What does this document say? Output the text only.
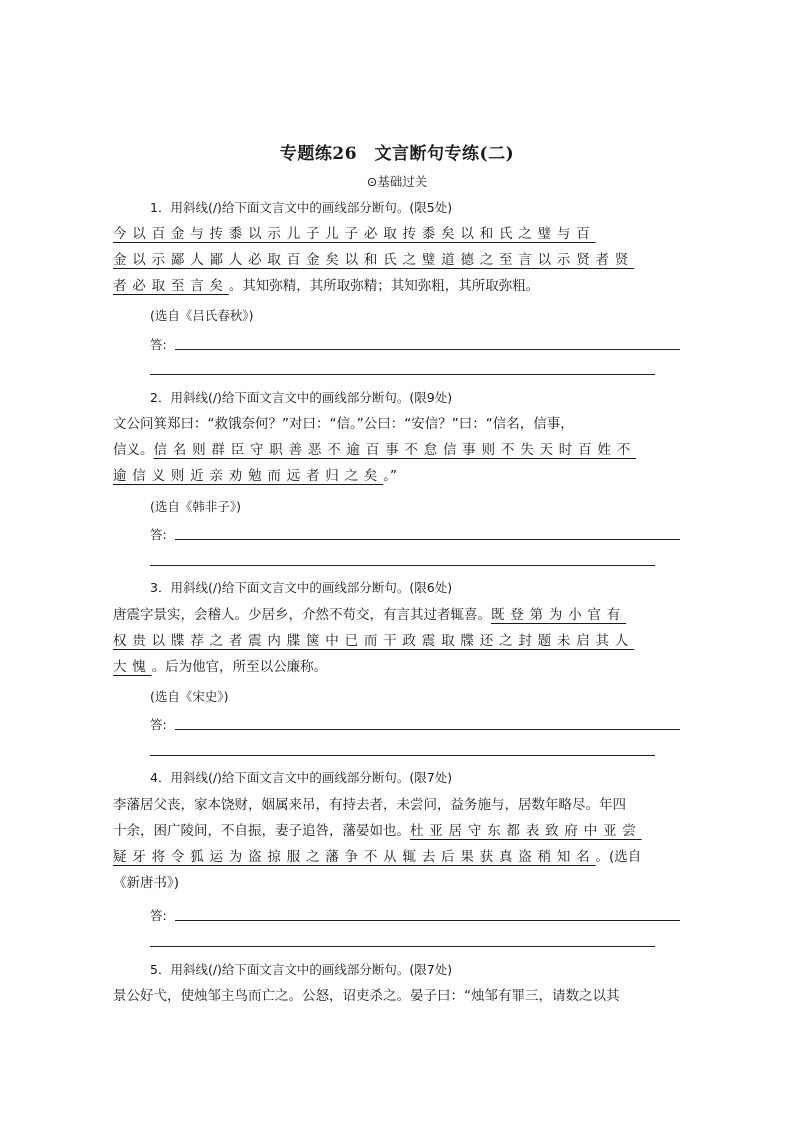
专题练26　文言断句专练(二)
⊙基础过关
1．用斜线(/)给下面文言文中的画线部分断句。(限5处)
今以百金与抟黍以示儿子儿子必取抟黍矣以和氏之璧与百
金以示鄙人鄙人必取百金矣以和氏之璧道德之至言以示贤者贤
者必取至言矣。其知弥精，其所取弥精；其知弥粗，其所取弥粗。
(选自《吕氏春秋》)
答:
2．用斜线(/)给下面文言文中的画线部分断句。(限9处)
文公问箕郑曰：“救饿奈何？”对曰：“信。”公曰：“安信？”曰：“信名，信事，
信义。信名则群臣守职善恶不逾百事不怠信事则不失天时百姓不
逾信义则近亲劝勉而远者归之矣。”
(选自《韩非子》)
答:
3．用斜线(/)给下面文言文中的画线部分断句。(限6处)
唐震字景实，会稽人。少居乡，介然不苟交，有言其过者辄喜。既登第为小官有
权贵以牒荐之者震内牒箧中已而干政震取牒还之封题未启其人
大愧。后为他官，所至以公廉称。
(选自《宋史》)
答:
4．用斜线(/)给下面文言文中的画线部分断句。(限7处)
李藩居父丧，家本饶财，姻属来吊，有持去者，未尝问，益务施与，居数年略尽。年四
十余，困广陵间，不自振，妻子追咎，藩晏如也。杜亚居守东都表致府中亚尝
疑牙将令狐运为盗掠服之藩争不从辄去后果获真盗稍知名。(选自
《新唐书》)
答:
5．用斜线(/)给下面文言文中的画线部分断句。(限7处)
景公好弋，使烛邹主鸟而亡之。公怒，诏吏杀之。晏子曰：“烛邹有罪三，请数之以其
